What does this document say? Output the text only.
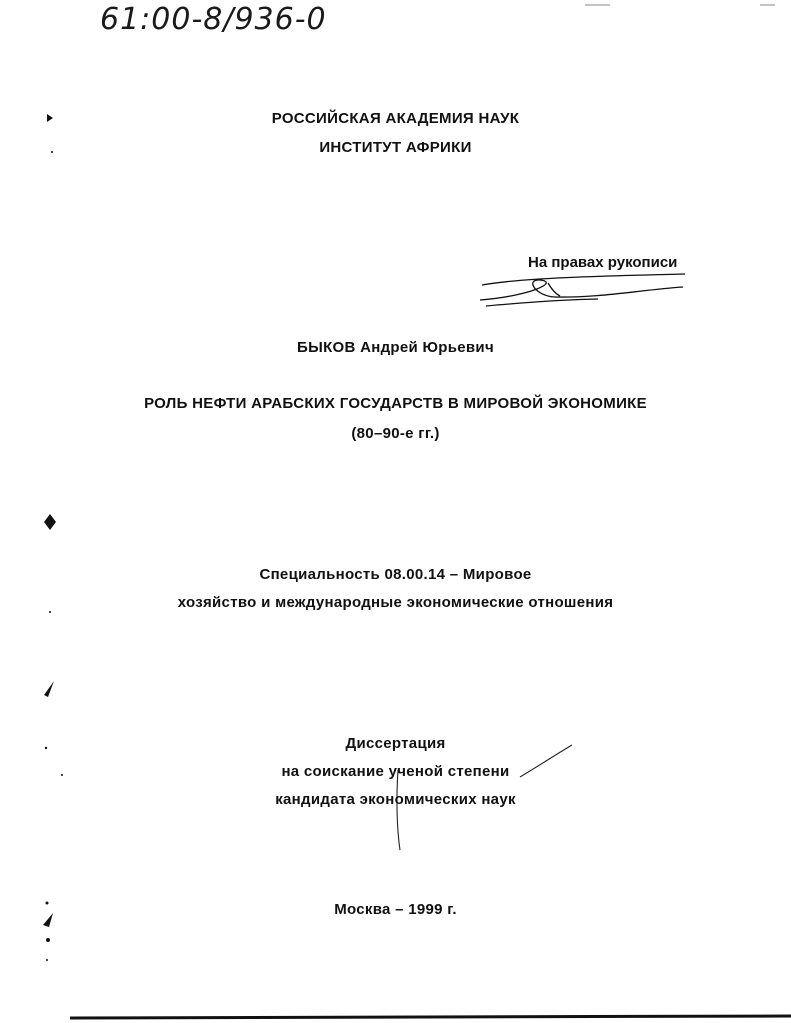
61:00-8/936-0
РОССИЙСКАЯ АКАДЕМИЯ НАУК
ИНСТИТУТ АФРИКИ
На правах рукописи
БЫКОВ Андрей Юрьевич
РОЛЬ НЕФТИ АРАБСКИХ ГОСУДАРСТВ В МИРОВОЙ ЭКОНОМИКЕ
(80–90-е гг.)
Специальность 08.00.14 – Мировое
хозяйство и международные экономические отношения
Диссертация
на соискание ученой степени
кандидата экономических наук
Москва – 1999 г.
